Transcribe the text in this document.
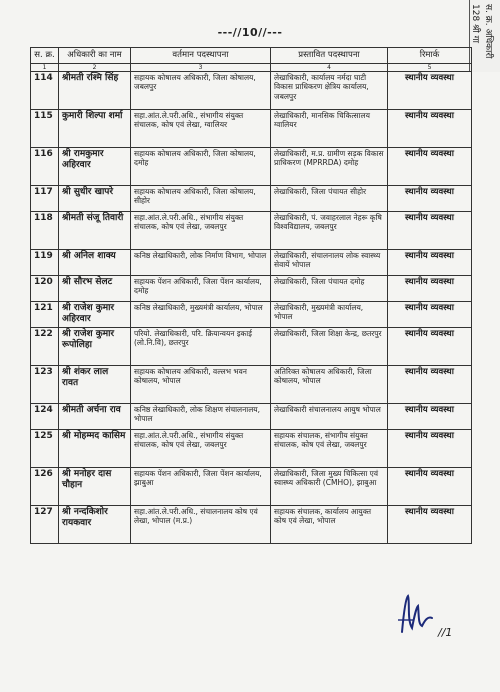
---//10//---	स. क्र. अधिकारी
128 श्री गा
स. क्र.	अधिकारी का नाम	वर्तमान पदस्थापना	प्रस्तावित पदस्थापना	रिमार्क
1	2	3	4	5
114	श्रीमती रश्मि सिंह	सहायक कोषालय अधिकारी, जिला कोषालय, जबलपुर	लेखाधिकारी, कार्यालय नर्मदा घाटी विकास प्राधिकरण क्षेत्रिय कार्यालय, जबलपुर	स्थानीय व्यवस्था
115	कुमारी शिल्पा शर्मा	सहा.आंत.ले.परी.अधि., संभागीय संयुक्त संचालक, कोष एवं लेखा, ग्वालियर	लेखाधिकारी, मानसिक चिकित्सालय ग्वालियर	स्थानीय व्यवस्था
116	श्री रामकुमार अहिरवार	सहायक कोषालय अधिकारी, जिला कोषालय, दमोह	लेखाधिकारी, म.प्र. ग्रामीण सड़क विकास प्राधिकरण (MPRRDA) दमोह	स्थानीय व्यवस्था
117	श्री सुधीर खापरे	सहायक कोषालय अधिकारी, जिला कोषालय, सीहोर	लेखाधिकारी, जिला पंचायत सीहोर	स्थानीय व्यवस्था
118	श्रीमती संजू तिवारी	सहा.आंत.ले.परी.अधि., संभागीय संयुक्त संचालक, कोष एवं लेखा, जबलपुर	लेखाधिकारी, पं. जवाहरलाल नेहरू कृषि विश्वविद्यालय, जबलपुर	स्थानीय व्यवस्था
119	श्री अनिल शाक्य	कनिष्ठ लेखाधिकारी, लोक निर्माण विभाग, भोपाल	लेखाधिकारी, संचालनालय लोक स्वास्थ्य सेवायें भोपाल	स्थानीय व्यवस्था
120	श्री सौरभ सेलट	सहायक पेंशन अधिकारी, जिला पेंशन कार्यालय, दमोह	लेखाधिकारी, जिला पंचायत दमोह	स्थानीय व्यवस्था
121	श्री राजेश कुमार अहिरवार	कनिष्ठ लेखाधिकारी, मुख्यमंत्री कार्यालय, भोपाल	लेखाधिकारी, मुख्यमंत्री कार्यालय, भोपाल	स्थानीय व्यवस्था
122	श्री राजेश कुमार रूपोलिहा	परियो. लेखाधिकारी, परि. क्रियान्वयन इकाई (लो.नि.वि), छतरपुर	लेखाधिकारी, जिला शिक्षा केन्द्र, छतरपुर	स्थानीय व्यवस्था
123	श्री शंकर लाल रावत	सहायक कोषालय अधिकारी, वल्लभ भवन कोषालय, भोपाल	अतिरिक्त कोषालय अधिकारी, जिला कोषालय, भोपाल	स्थानीय व्यवस्था
124	श्रीमती अर्चना राव	कनिष्ठ लेखाधिकारी, लोक शिक्षण संचालनालय, भोपाल	लेखाधिकारी संचालनालय आयुष भोपाल	स्थानीय व्यवस्था
125	श्री मोहम्मद कासिम	सहा.आंत.ले.परी.अधि., संभागीय संयुक्त संचालक, कोष एवं लेखा, जबलपुर	सहायक संचालक, संभागीय संयुक्त संचालक, कोष एवं लेखा, जबलपुर	स्थानीय व्यवस्था
126	श्री मनोहर दास चौहान	सहायक पेंशन अधिकारी, जिला पेंशन कार्यालय, झाबुआ	लेखाधिकारी, जिला मुख्य चिकित्सा एवं स्वास्थ्य अधिकारी (CMHO), झाबुआ	स्थानीय व्यवस्था
127	श्री नन्दकिशोर रायकवार	सहा.आंत.ले.परी.अधि., संचालनालय कोष एवं लेखा, भोपाल (म.प्र.)	सहायक संचालक, कार्यालय आयुक्त कोष एवं लेखा, भोपाल	स्थानीय व्यवस्था
//1
